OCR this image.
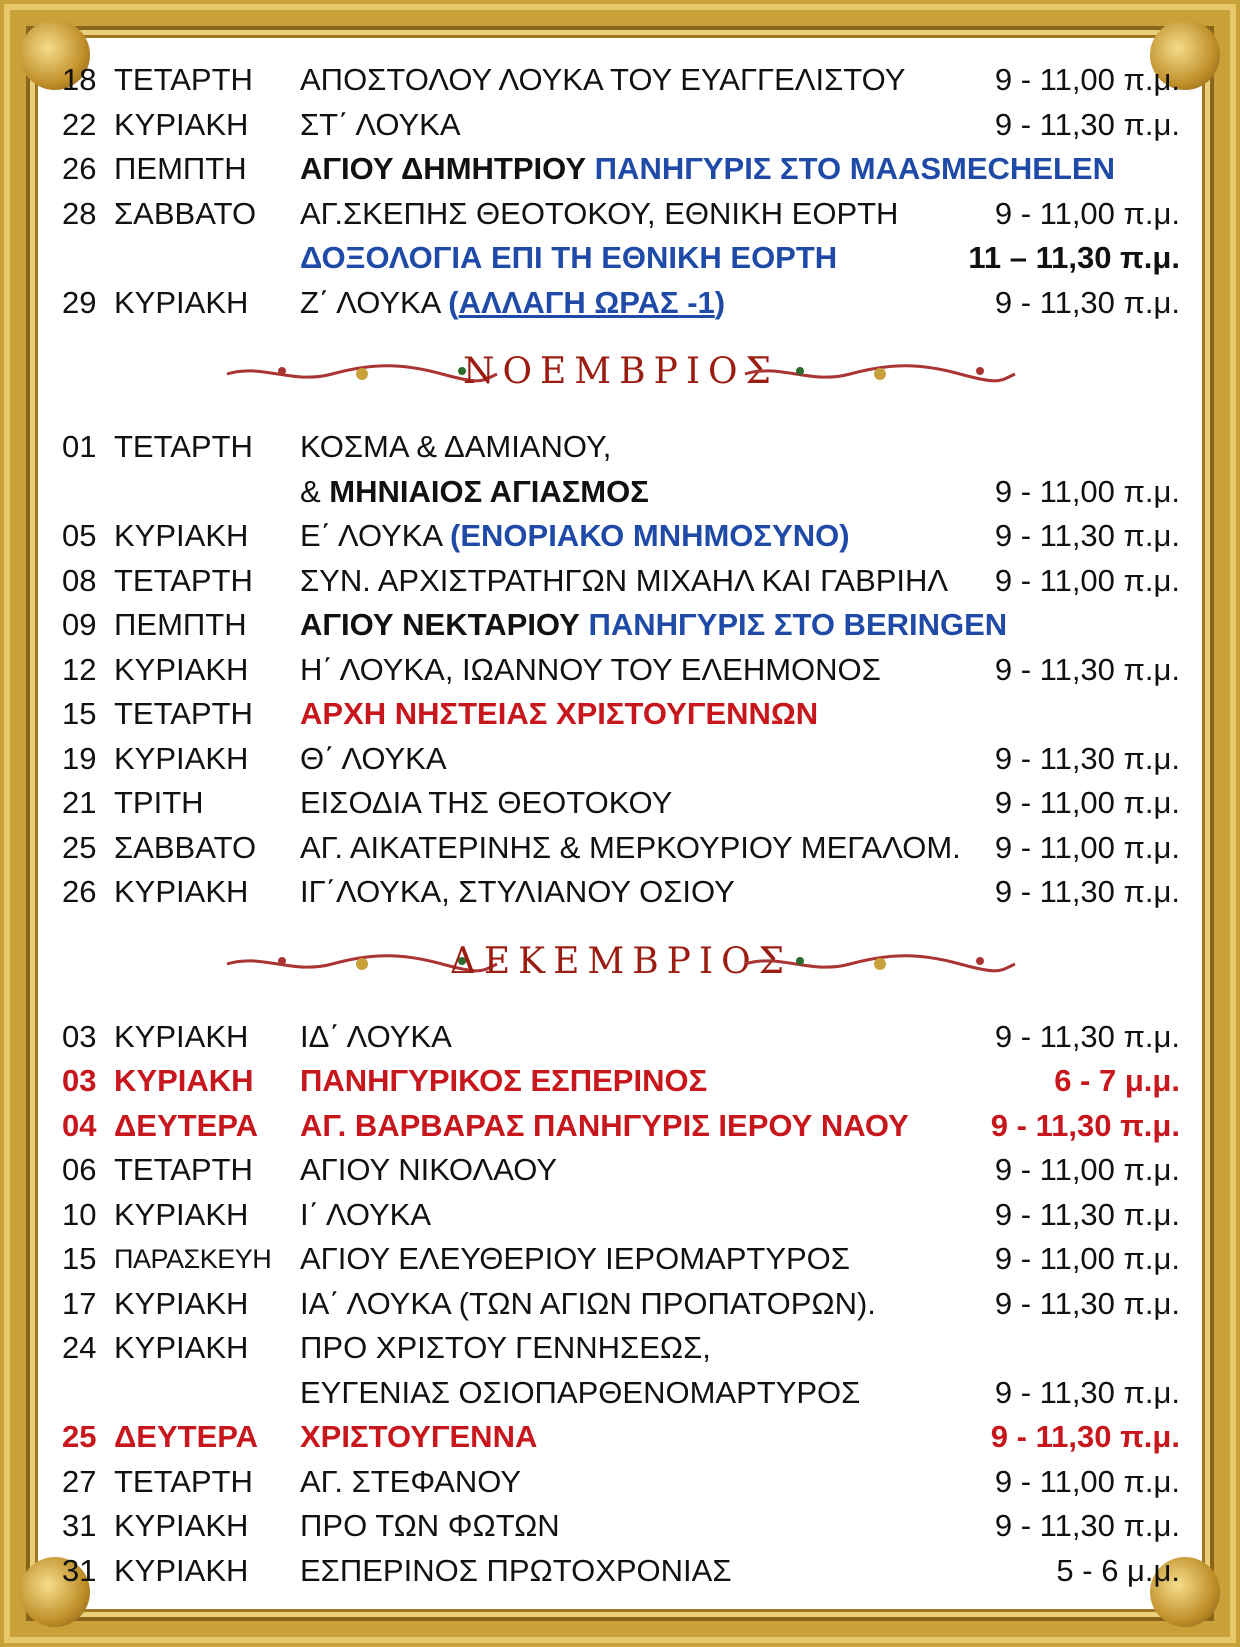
18 ΤΕΤΑΡΤΗ ΑΠΟΣΤΟΛΟΥ ΛΟΥΚΑ ΤΟΥ ΕΥΑΓΓΕΛΙΣΤΟΥ	9 - 11,00 π.μ.
22 ΚΥΡΙΑΚΗ ΣΤ΄ ΛΟΥΚΑ	9 - 11,30 π.μ.
26 ΠΕΜΠΤΗ ΑΓΙΟΥ ΔΗΜΗΤΡΙΟΥ ΠΑΝΗΓΥΡΙΣ ΣΤΟ MAASMECHELEN
28 ΣΑΒΒΑΤΟ ΑΓ.ΣΚΕΠΗΣ ΘΕΟΤΟΚΟΥ, ΕΘΝΙΚΗ ΕΟΡΤΗ	9 - 11,00 π.μ.
ΔΟΞΟΛΟΓΙΑ ΕΠΙ ΤΗ ΕΘΝΙΚΗ ΕΟΡΤΗ	11 – 11,30 π.μ.
29 ΚΥΡΙΑΚΗ Ζ΄ ΛΟΥΚΑ (ΑΛΛΑΓΗ ΩΡΑΣ -1)	9 - 11,30 π.μ.
ΝΟΕΜΒΡΙΟΣ
01 ΤΕΤΑΡΤΗ ΚΟΣΜΑ & ΔΑΜΙΑΝΟΥ,
& ΜΗΝΙΑΙΟΣ ΑΓΙΑΣΜΟΣ	9 - 11,00 π.μ.
05 ΚΥΡΙΑΚΗ Ε΄ ΛΟΥΚΑ (ΕΝΟΡΙΑΚΟ ΜΝΗΜΟΣΥΝΟ)	9 - 11,30 π.μ.
08 ΤΕΤΑΡΤΗ ΣΥΝ. ΑΡΧΙΣΤΡΑΤΗΓΩΝ ΜΙΧΑΗΛ ΚΑΙ ΓΑΒΡΙΗΛ 9 - 11,00 π.μ.
09 ΠΕΜΠΤΗ ΑΓΙΟΥ ΝΕΚΤΑΡΙΟΥ ΠΑΝΗΓΥΡΙΣ ΣΤΟ BERINGEN
12 ΚΥΡΙΑΚΗ Η΄ ΛΟΥΚΑ, ΙΩΑΝΝΟΥ ΤΟΥ ΕΛΕΗΜΟΝΟΣ	9 - 11,30 π.μ.
15 ΤΕΤΑΡΤΗ ΑΡΧΗ ΝΗΣΤΕΙΑΣ ΧΡΙΣΤΟΥΓΕΝΝΩΝ
19 ΚΥΡΙΑΚΗ Θ΄ ΛΟΥΚΑ	9 - 11,30 π.μ.
21 ΤΡΙΤΗ	ΕΙΣΟΔΙΑ ΤΗΣ ΘΕΟΤΟΚΟΥ	9 - 11,00 π.μ.
25 ΣΑΒΒΑΤΟ ΑΓ. ΑΙΚΑΤΕΡΙΝΗΣ & ΜΕΡΚΟΥΡΙΟΥ ΜΕΓΑΛΟΜ. 9 - 11,00 π.μ.
26 ΚΥΡΙΑΚΗ ΙΓ΄ΛΟΥΚΑ, ΣΤΥΛΙΑΝΟΥ ΟΣΙΟΥ	9 - 11,30 π.μ.
ΔΕΚΕΜΒΡΙΟΣ
03 ΚΥΡΙΑΚΗ ΙΔ΄ ΛΟΥΚΑ	9 - 11,30 π.μ.
03 ΚΥΡΙΑΚΗ ΠΑΝΗΓΥΡΙΚΟΣ ΕΣΠΕΡΙΝΟΣ	6 - 7 μ.μ.
04 ΔΕΥΤΕΡΑ ΑΓ. ΒΑΡΒΑΡΑΣ ΠΑΝΗΓΥΡΙΣ ΙΕΡΟΥ ΝΑΟΥ	9 - 11,30 π.μ.
06 ΤΕΤΑΡΤΗ ΑΓΙΟΥ ΝΙΚΟΛΑΟΥ	9 - 11,00 π.μ.
10 ΚΥΡΙΑΚΗ Ι΄ ΛΟΥΚΑ	9 - 11,30 π.μ.
15 ΠΑΡΑΣΚΕΥΗ ΑΓΙΟΥ ΕΛΕΥΘΕΡΙΟΥ ΙΕΡΟΜΑΡΤΥΡΟΣ	9 - 11,00 π.μ.
17 ΚΥΡΙΑΚΗ ΙΑ΄ ΛΟΥΚΑ (ΤΩΝ ΑΓΙΩΝ ΠΡΟΠΑΤΟΡΩΝ).	9 - 11,30 π.μ.
24 ΚΥΡΙΑΚΗ ΠΡΟ ΧΡΙΣΤΟΥ ΓΕΝΝΗΣΕΩΣ,
ΕΥΓΕΝΙΑΣ ΟΣΙΟΠΑΡΘΕΝΟΜΑΡΤΥΡΟΣ	9 - 11,30 π.μ.
25 ΔΕΥΤΕΡΑ ΧΡΙΣΤΟΥΓΕΝΝΑ	9 - 11,30 π.μ.
27 ΤΕΤΑΡΤΗ ΑΓ. ΣΤΕΦΑΝΟΥ	9 - 11,00 π.μ.
31 ΚΥΡΙΑΚΗ ΠΡΟ ΤΩΝ ΦΩΤΩΝ	9 - 11,30 π.μ.
31 ΚΥΡΙΑΚΗ ΕΣΠΕΡΙΝΟΣ ΠΡΩΤΟΧΡΟΝΙΑΣ	5 - 6 μ.μ.
